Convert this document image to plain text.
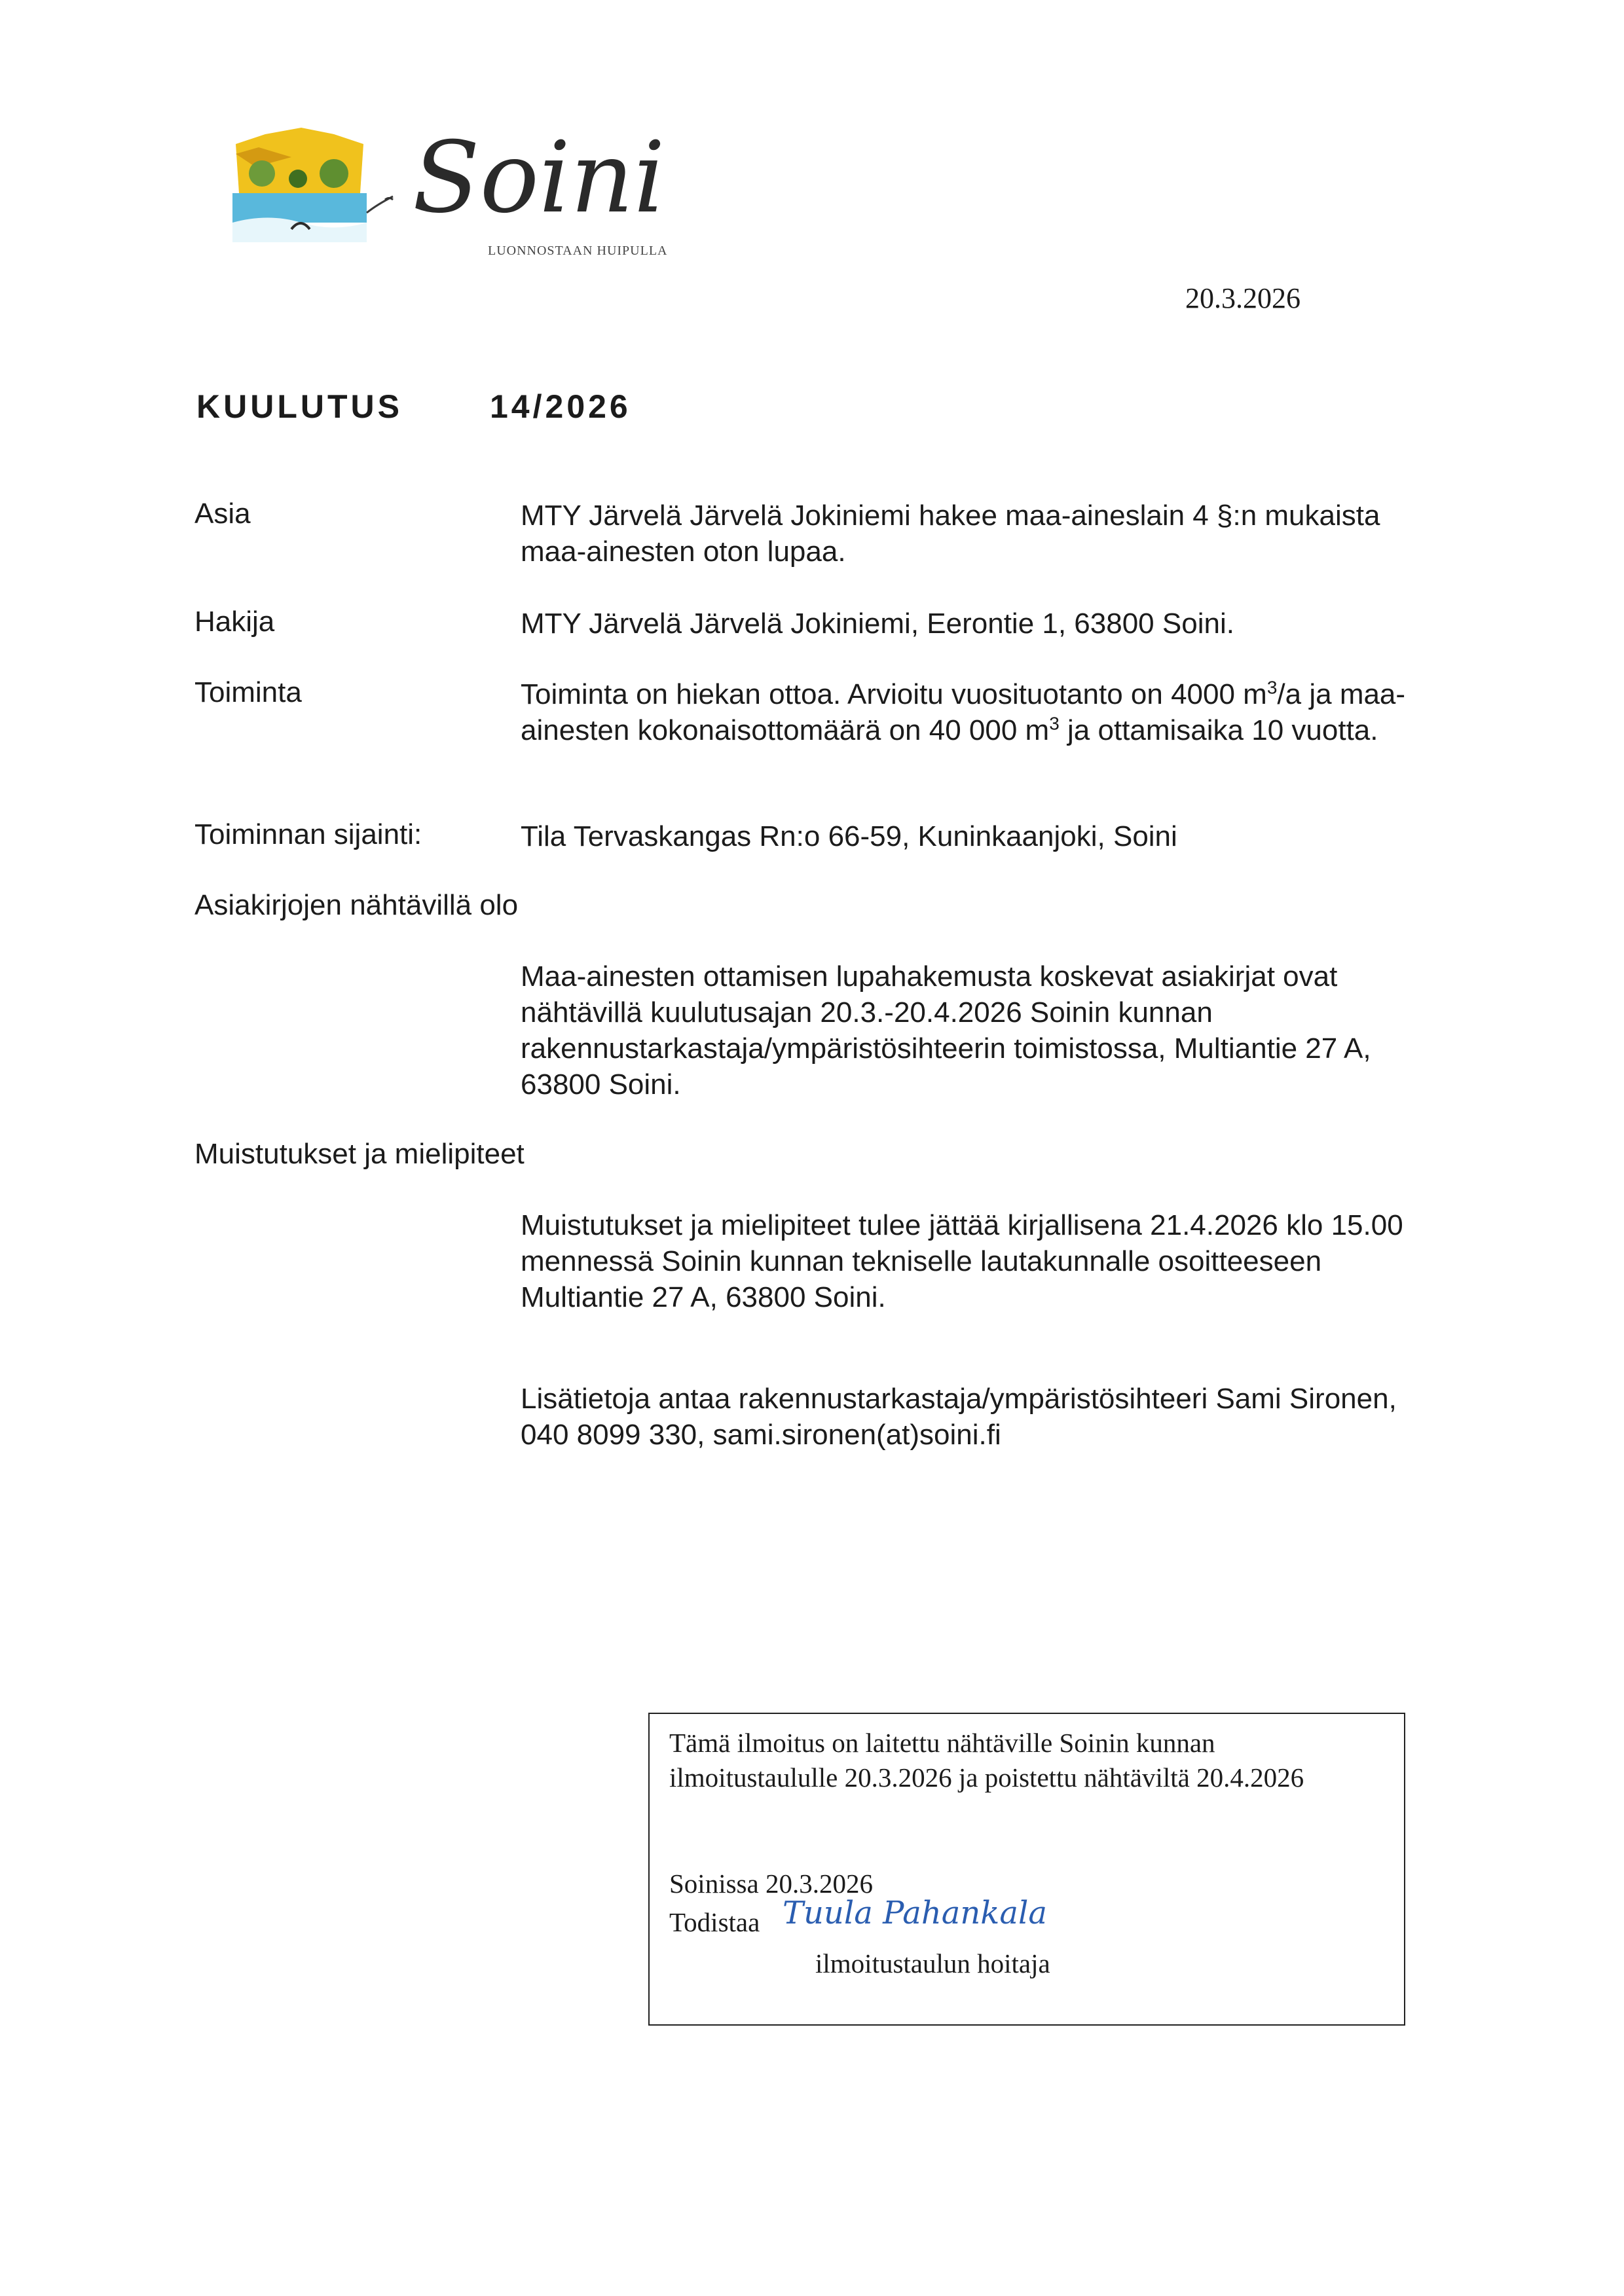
Soini
LUONNOSTAAN HUIPULLA
20.3.2026
KUULUTUS	14/2026
Asia	MTY Järvelä Järvelä Jokiniemi hakee maa-aineslain 4 §:n mukaista maa-ainesten oton lupaa.
Hakija	MTY Järvelä Järvelä Jokiniemi, Eerontie 1, 63800 Soini.
Toiminta	Toiminta on hiekan ottoa. Arvioitu vuosituotanto on 4000 $m^3/a$ ja maa-ainesten kokonaisottomäärä on 40 000 $m^3$ ja ottamisaika 10 vuotta.
Toiminnan sijainti:	Tila Tervaskangas Rn:o 66-59, Kuninkaanjoki, Soini
Asiakirjojen nähtävillä olo
Maa-ainesten ottamisen lupahakemusta koskevat asiakirjat ovat nähtävillä kuulutusajan 20.3.-20.4.2026 Soinin kunnan rakennustarkastaja/ympäristösihteerin toimistossa, Multiantie 27 A, 63800 Soini.
Muistutukset ja mielipiteet
Muistutukset ja mielipiteet tulee jättää kirjallisena 21.4.2026 klo 15.00 mennessä Soinin kunnan tekniselle lautakunnalle osoitteeseen Multiantie 27 A, 63800 Soini.
Lisätietoja antaa rakennustarkastaja/ympäristösihteeri Sami Sironen, 040 8099 330, sami.sironen(at)soini.fi
Tämä ilmoitus on laitettu nähtäville Soinin kunnan ilmoitustaululle 20.3.2026 ja poistettu nähtäviltä 20.4.2026
Soinissa 20.3.2026
Todistaa Tuula Pahankala
ilmoitustaulun hoitaja
